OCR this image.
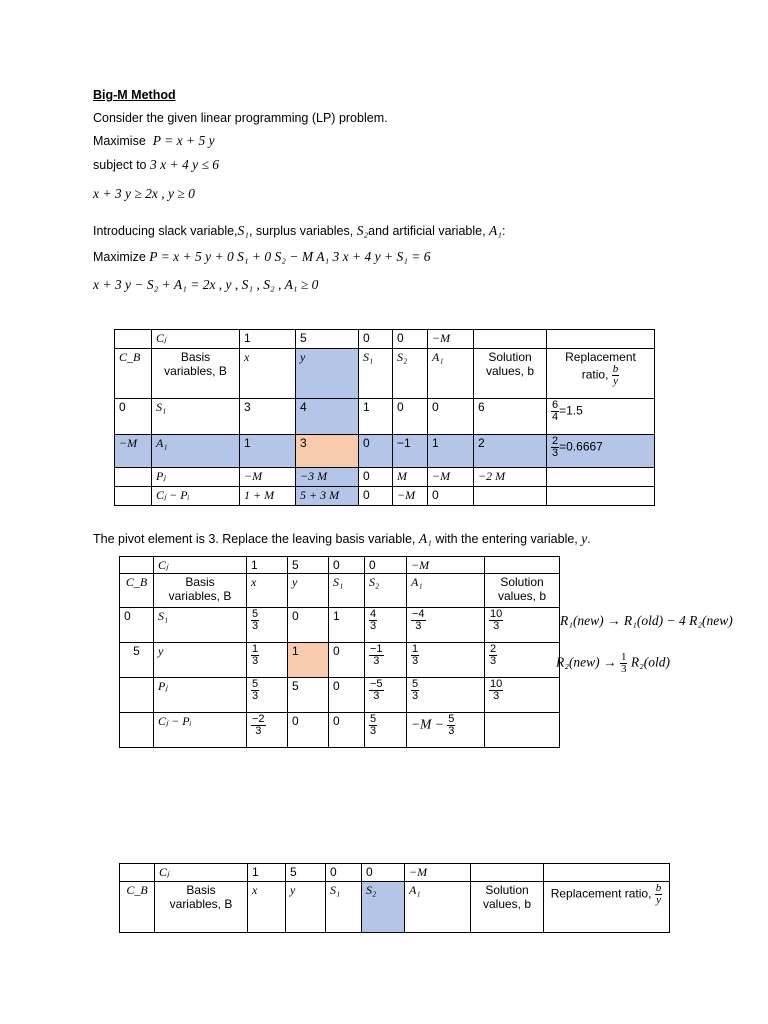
Big-M Method
Consider the given linear programming (LP) problem.
Maximise P = x + 5 y
subject to 3 x + 4 y ≤ 6
x + 3 y ≥ 2x , y ≥ 0
Introducing slack variable,S₁, surplus variables, S₂and artificial variable, A₁:
Maximize P = x + 5 y + 0 S₁ + 0 S₂ − M A₁ 3 x + 4 y + S₁ = 6
x + 3 y − S₂ + A₁ = 2x , y , S₁ , S₂ , A₁ ≥ 0
	Cⱼ	1	5	0	0	−M		
C_B	Basis variables, B	x	y	S₁	S₂	A₁	Solution values, b	Replacement ratio, $\frac{b}{y}$

0	S₁	3	4	1	0	0	6	$\frac{6}{4} =1.5$
−M	A₁	1	3	0	−1	1	2	$\frac{2}{3} =0.6667$
	Pⱼ	−M	−3 M	0	M	−M	−2 M	
	Cⱼ − Pᵢ	1 + M	5 + 3 M	0	−M	0		
The pivot element is 3. Replace the leaving basis variable, A₁ with the entering variable, y.
	Cⱼ	1	5	0	0	−M	
C_B	Basis variables, B	x	y	S₁	S₂	A₁	Solution values, b
0	S₁	$\frac{5}{3}$	0	1	$\frac{4}{3}$	$\frac{-4}{3}$	$\frac{10}{3}$

5	y	$\frac{1}{3}$	1	0	$\frac{-1}{3}$	$\frac{1}{3}$	$\frac{2}{3}$

	Pⱼ	$\frac{5}{3}$	5	0	$\frac{-5}{3}$	$\frac{5}{3}$	$\frac{10}{3}$

	Cⱼ − Pᵢ	$\frac{-2}{3}$	0	0	$\frac{5}{3}$	$-M - \frac{5}{3}$

R₁(new) → R₁(old) − 4 R₂(new)
$R_2(new) \to \frac{1}{3} R_2(old)$
	Cⱼ	1	5	0	0	−M		
C_B	Basis variables, B	x	y	S₁	S₂	A₁	Solution values, b	Replacement ratio, $\frac{b}{y}$
